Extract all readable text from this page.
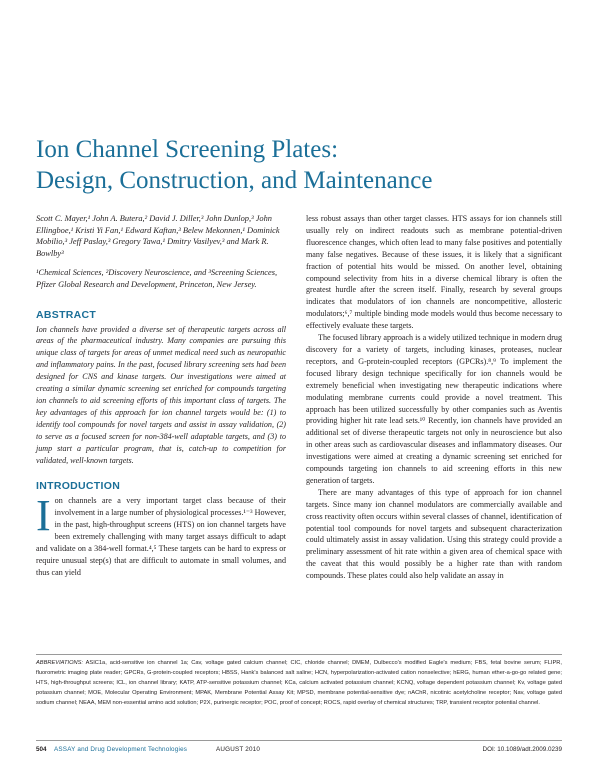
Ion Channel Screening Plates:
Design, Construction, and Maintenance

Scott C. Mayer,¹ John A. Butera,² David J. Diller,³ John Dunlop,³ John Ellingboe,¹ Kristi Yi Fan,¹ Edward Kaftan,³ Belew Mekonnen,¹ Dominick Mobilio,³ Jeff Paslay,³ Gregory Tawa,¹ Dmitry Vasilyev,³ and Mark R. Bowlby³

¹Chemical Sciences, ²Discovery Neuroscience, and ³Screening Sciences, Pfizer Global Research and Development, Princeton, New Jersey.

ABSTRACT

Ion channels have provided a diverse set of therapeutic targets across all areas of the pharmaceutical industry. Many companies are pursuing this unique class of targets for areas of unmet medical need such as neuropathic and inflammatory pains. In the past, focused library screening sets had been designed for CNS and kinase targets. Our investigations were aimed at creating a similar dynamic screening set enriched for compounds targeting ion channels to aid screening efforts of this important class of targets. The key advantages of this approach for ion channel targets would be: (1) to identify tool compounds for novel targets and assist in assay validation, (2) to serve as a focused screen for non-384-well adaptable targets, and (3) to jump start a particular program, that is, catch-up to competition for validated, well-known targets.

INTRODUCTION
Ion channels are a very important target class because of their involvement in a large number of physiological processes.¹⁻³ However, in the past, high-throughput screens (HTS) on ion channel targets have been extremely challenging with many target assays difficult to adapt and validate on a 384-well format.⁴,⁵ These targets can be hard to express or require unusual step(s) that are difficult to automate in small volumes, and thus can yield

less robust assays than other target classes. HTS assays for ion channels still usually rely on indirect readouts such as membrane potential-driven fluorescence changes, which often lead to many false positives and potentially many false negatives. Because of these issues, it is likely that a significant fraction of potential hits would be missed. On another level, obtaining compound selectivity from hits in a diverse chemical library is often the greatest hurdle after the screen itself. Finally, research by several groups indicates that modulators of ion channels are noncompetitive, allosteric modulators;⁶,⁷ multiple binding mode models would thus become necessary to effectively evaluate these targets.

The focused library approach is a widely utilized technique in modern drug discovery for a variety of targets, including kinases, proteases, nuclear receptors, and G-protein-coupled receptors (GPCRs).⁸,⁹ To implement the focused library design technique specifically for ion channels would be extremely beneficial when investigating new therapeutic indications where modulating membrane currents could provide a novel treatment. This approach has been utilized successfully by other companies such as Aventis providing higher hit rate lead sets.¹⁰ Recently, ion channels have provided an additional set of diverse therapeutic targets not only in neuroscience but also in other areas such as cardiovascular diseases and inflammatory diseases. Our investigations were aimed at creating a dynamic screening set enriched for compounds targeting ion channels to aid screening efforts in this new generation of targets.

There are many advantages of this type of approach for ion channel targets. Since many ion channel modulators are commercially available and cross reactivity often occurs within several classes of channel, identification of potential tool compounds for novel targets and subsequent characterization could ultimately assist in assay validation. Using this strategy could provide a preliminary assessment of hit rate within a given area of chemical space with the caveat that this would possibly be a higher rate than with random compounds. These plates could also help validate an assay in

ABBREVIATIONS: ASIC1a, acid-sensitive ion channel 1a; Cav, voltage gated calcium channel; CIC, chloride channel; DMEM, Dulbecco's modified Eagle's medium; FBS, fetal bovine serum; FLIPR, fluorometric imaging plate reader; GPCRs, G-protein-coupled receptors; HBSS, Hank's balanced salt saline; HCN, hyperpolarization-activated cation nonselective; hERG, human ether-a-go-go related gene; HTS, high-throughput screens; ICL, ion channel library; KATP, ATP-sensitive potassium channel; KCa, calcium activated potassium channel; KCNQ, voltage dependent potassium channel; Kv, voltage gated potassium channel; MOE, Molecular Operating Environment; MPAK, Membrane Potential Assay Kit; MPSD, membrane potential-sensitive dye; nAChR, nicotinic acetylcholine receptor; Nav, voltage gated sodium channel; NEAA, MEM non-essential amino acid solution; P2X, purinergic receptor; POC, proof of concept; ROCS, rapid overlay of chemical structures; TRP, transient receptor potential channel.

504 ASSAY and Drug Development Technologies	AUGUST 2010	DOI: 10.1089/adt.2009.0239
